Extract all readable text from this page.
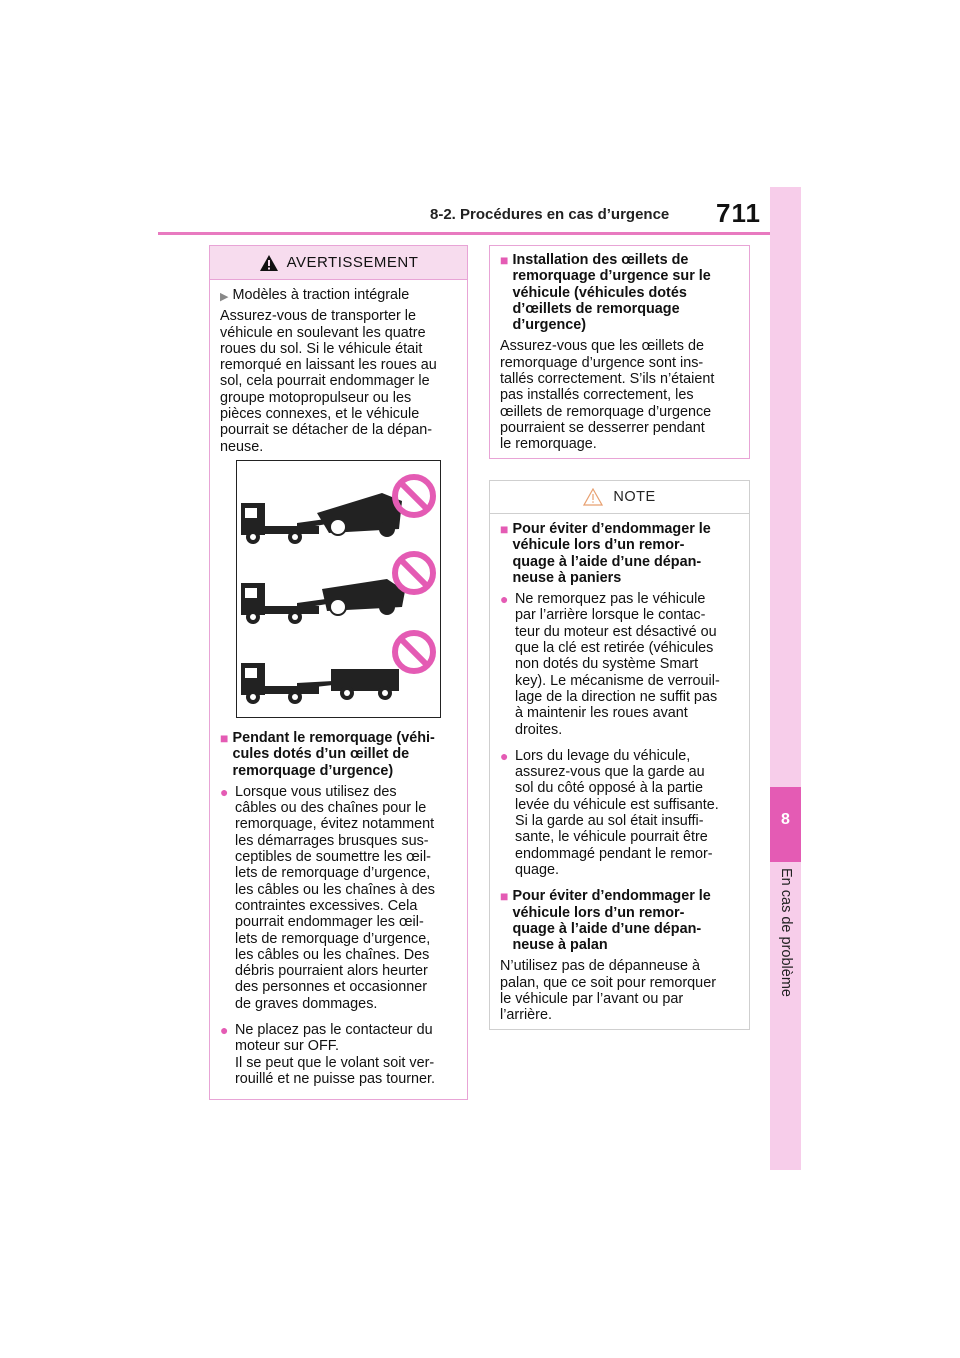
8-2. Procédures en cas d’urgence 711
8
En cas de problème
AVERTISSEMENT

▶ Modèles à traction intégrale

Assurez-vous de transporter le
véhicule en soulevant les quatre
roues du sol. Si le véhicule était
remorqué en laissant les roues au
sol, cela pourrait endommager le
groupe motopropulseur ou les
pièces connexes, et le véhicule
pourrait se détacher de la dépan-
neuse.

■ Pendant le remorquage (véhi-
cules dotés d’un œillet de
remorquage d’urgence)

● Lorsque vous utilisez des
câbles ou des chaînes pour le
remorquage, évitez notamment
les démarrages brusques sus-
ceptibles de soumettre les œil-
lets de remorquage d’urgence,
les câbles ou les chaînes à des
contraintes excessives. Cela
pourrait endommager les œil-
lets de remorquage d’urgence,
les câbles ou les chaînes. Des
débris pourraient alors heurter
des personnes et occasionner
de graves dommages.

● Ne placez pas le contacteur du
moteur sur OFF.
Il se peut que le volant soit ver-
rouillé et ne puisse pas tourner.

■ Installation des œillets de
remorquage d’urgence sur le
véhicule (véhicules dotés
d’œillets de remorquage
d’urgence)

Assurez-vous que les œillets de
remorquage d’urgence sont ins-
tallés correctement. S’ils n’étaient
pas installés correctement, les
œillets de remorquage d’urgence
pourraient se desserrer pendant
le remorquage.

NOTE

■ Pour éviter d’endommager le
véhicule lors d’un remor-
quage à l’aide d’une dépan-
neuse à paniers

● Ne remorquez pas le véhicule
par l’arrière lorsque le contac-
teur du moteur est désactivé ou
que la clé est retirée (véhicules
non dotés du système Smart
key). Le mécanisme de verrouil-
lage de la direction ne suffit pas
à maintenir les roues avant
droites.

● Lors du levage du véhicule,
assurez-vous que la garde au
sol du côté opposé à la partie
levée du véhicule est suffisante.
Si la garde au sol était insuffi-
sante, le véhicule pourrait être
endommagé pendant le remor-
quage.

■ Pour éviter d’endommager le
véhicule lors d’un remor-
quage à l’aide d’une dépan-
neuse à palan

N’utilisez pas de dépanneuse à
palan, que ce soit pour remorquer
le véhicule par l’avant ou par
l’arrière.
